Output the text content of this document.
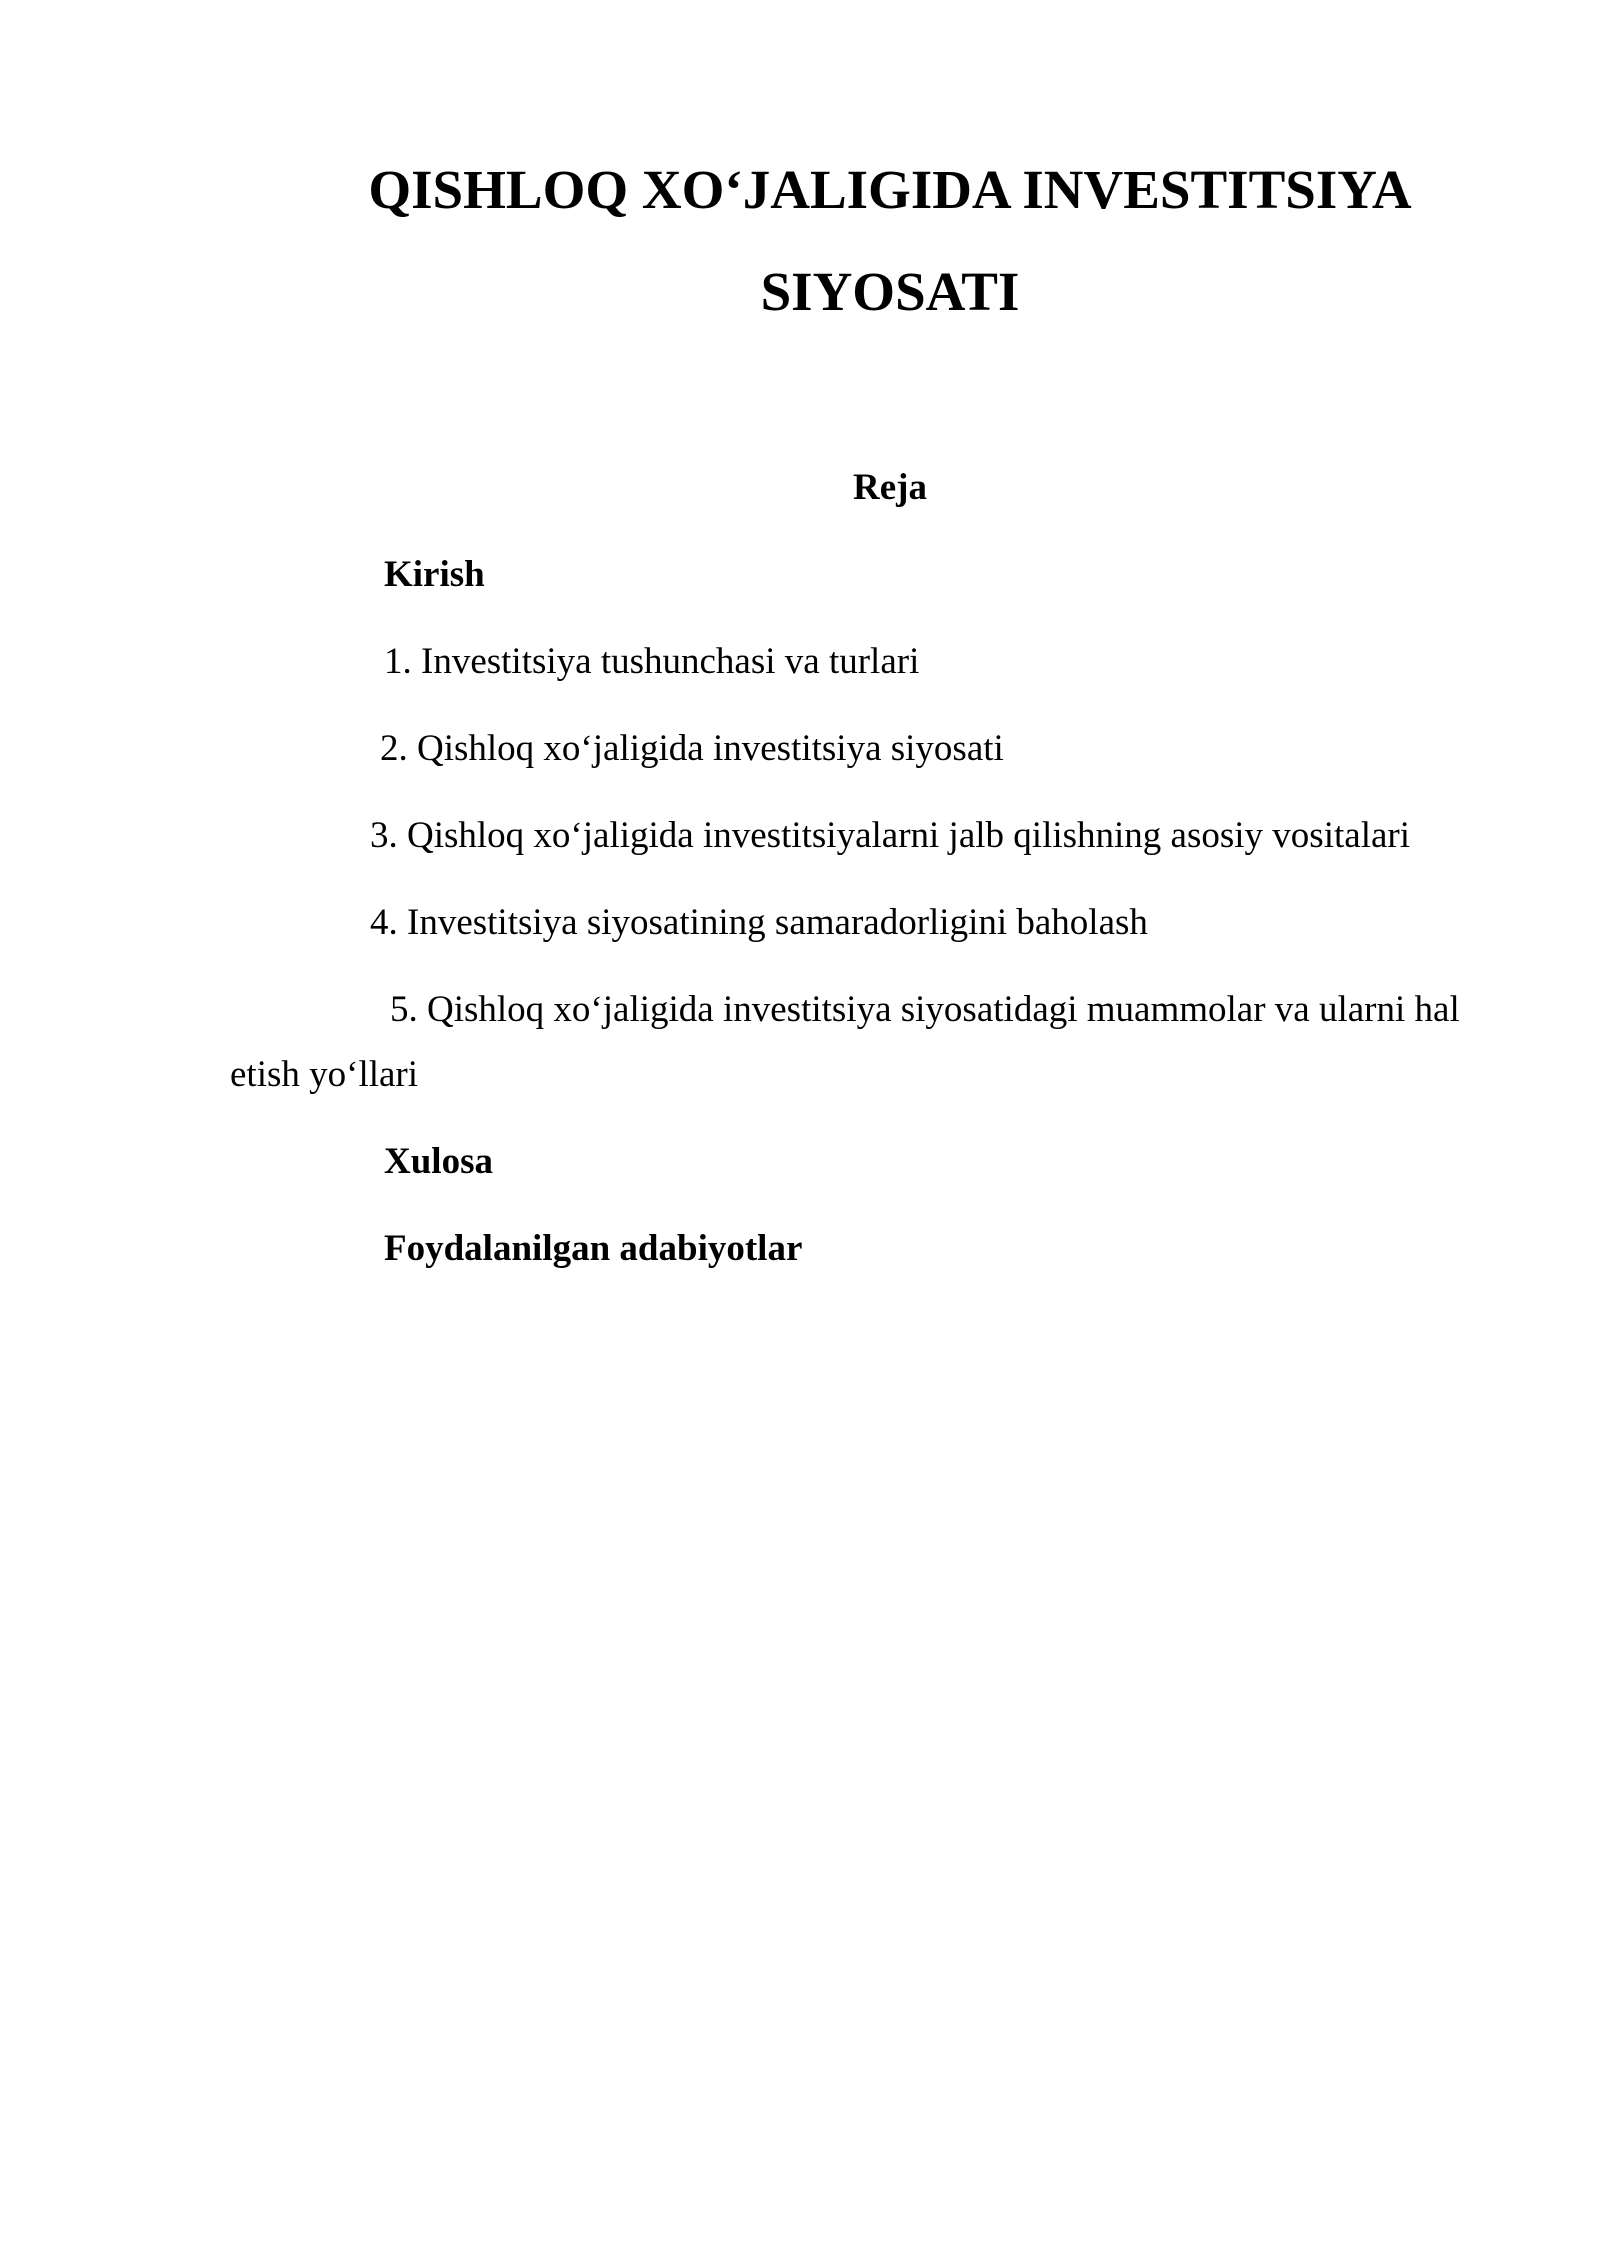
QISHLOQ XO‘JALIGIDA INVESTITSIYA
SIYOSATI
Reja

Kirish

1. Investitsiya tushunchasi va turlari

2. Qishloq xo‘jaligida investitsiya siyosati

3. Qishloq xo‘jaligida investitsiyalarni jalb qilishning asosiy vositalari

4. Investitsiya siyosatining samaradorligini baholash

5. Qishloq xo‘jaligida investitsiya siyosatidagi muammolar va ularni hal

etish yo‘llari

Xulosa

Foydalanilgan adabiyotlar
